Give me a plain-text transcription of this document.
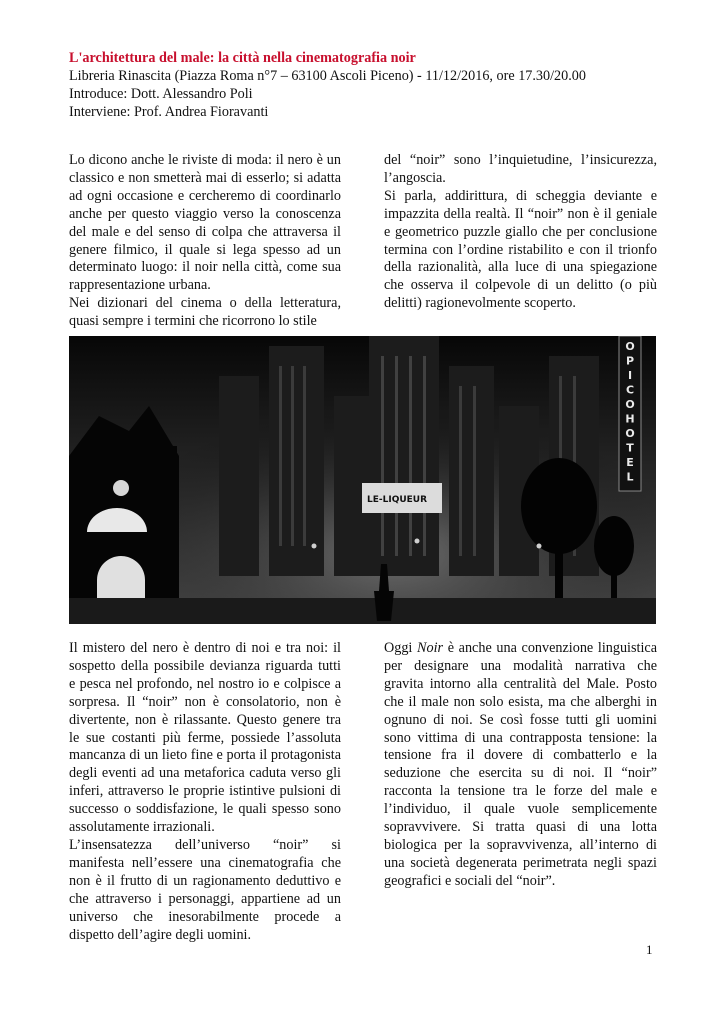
L'architettura del male: la città nella cinematografia noir

Libreria Rinascita (Piazza Roma n°7 – 63100 Ascoli Piceno) - 11/12/2016, ore 17.30/20.00

Introduce: Dott. Alessandro Poli

Interviene: Prof. Andrea Fioravanti

Lo dicono anche le riviste di moda: il nero è un classico e non smetterà mai di esserlo; si adatta ad ogni occasione e cercheremo di coordinarlo anche per questo viaggio verso la conoscenza del male e del senso di colpa che attraversa il genere filmico, il quale si lega spesso ad un determinato luogo: il noir nella città, come sua rappresentazione urbana.

Nei dizionari del cinema o della letteratura, quasi sempre i termini che ricorrono lo stile

del “noir” sono l’inquietudine, l’insicurezza, l’angoscia.

Si parla, addirittura, di scheggia deviante e impazzita della realtà. Il “noir” non è il geniale e geometrico puzzle giallo che per conclusione termina con l’ordine ristabilito e con il trionfo della razionalità, alla luce di una spiegazione che osserva il colpevole di un delitto (o più delitti) ragionevolmente scoperto.

LE-LIQUEUR
O
P
I
C
O
H
O
T
E
L

Il mistero del nero è dentro di noi e tra noi: il sospetto della possibile devianza riguarda tutti e pesca nel profondo, nel nostro io e colpisce a sorpresa. Il “noir” non è consolatorio, non è divertente, non è rilassante. Questo genere tra le sue costanti più ferme, possiede l’assoluta mancanza di un lieto fine e porta il protagonista degli eventi ad una metaforica caduta verso gli inferi, attraverso le proprie istintive pulsioni di successo o soddisfazione, le quali spesso sono assolutamente irrazionali.

L’insensatezza dell’universo “noir” si manifesta nell’essere una cinematografia che non è il frutto di un ragionamento deduttivo e che attraverso i personaggi, appartiene ad un universo che inesorabilmente procede a dispetto dell’agire degli uomini.

Oggi Noir è anche una convenzione linguistica per designare una modalità narrativa che gravita intorno alla centralità del Male. Posto che il male non solo esista, ma che alberghi in ognuno di noi. Se così fosse tutti gli uomini sono vittima di una contrapposta tensione: la tensione fra il dovere di combatterlo e la seduzione che esercita su di noi. Il “noir” racconta la tensione tra le forze del male e l’individuo, il quale vuole semplicemente sopravvivere. Si tratta quasi di una lotta biologica per la sopravvivenza, all’interno di una società degenerata perimetrata negli spazi geografici e sociali del “noir”.

1
